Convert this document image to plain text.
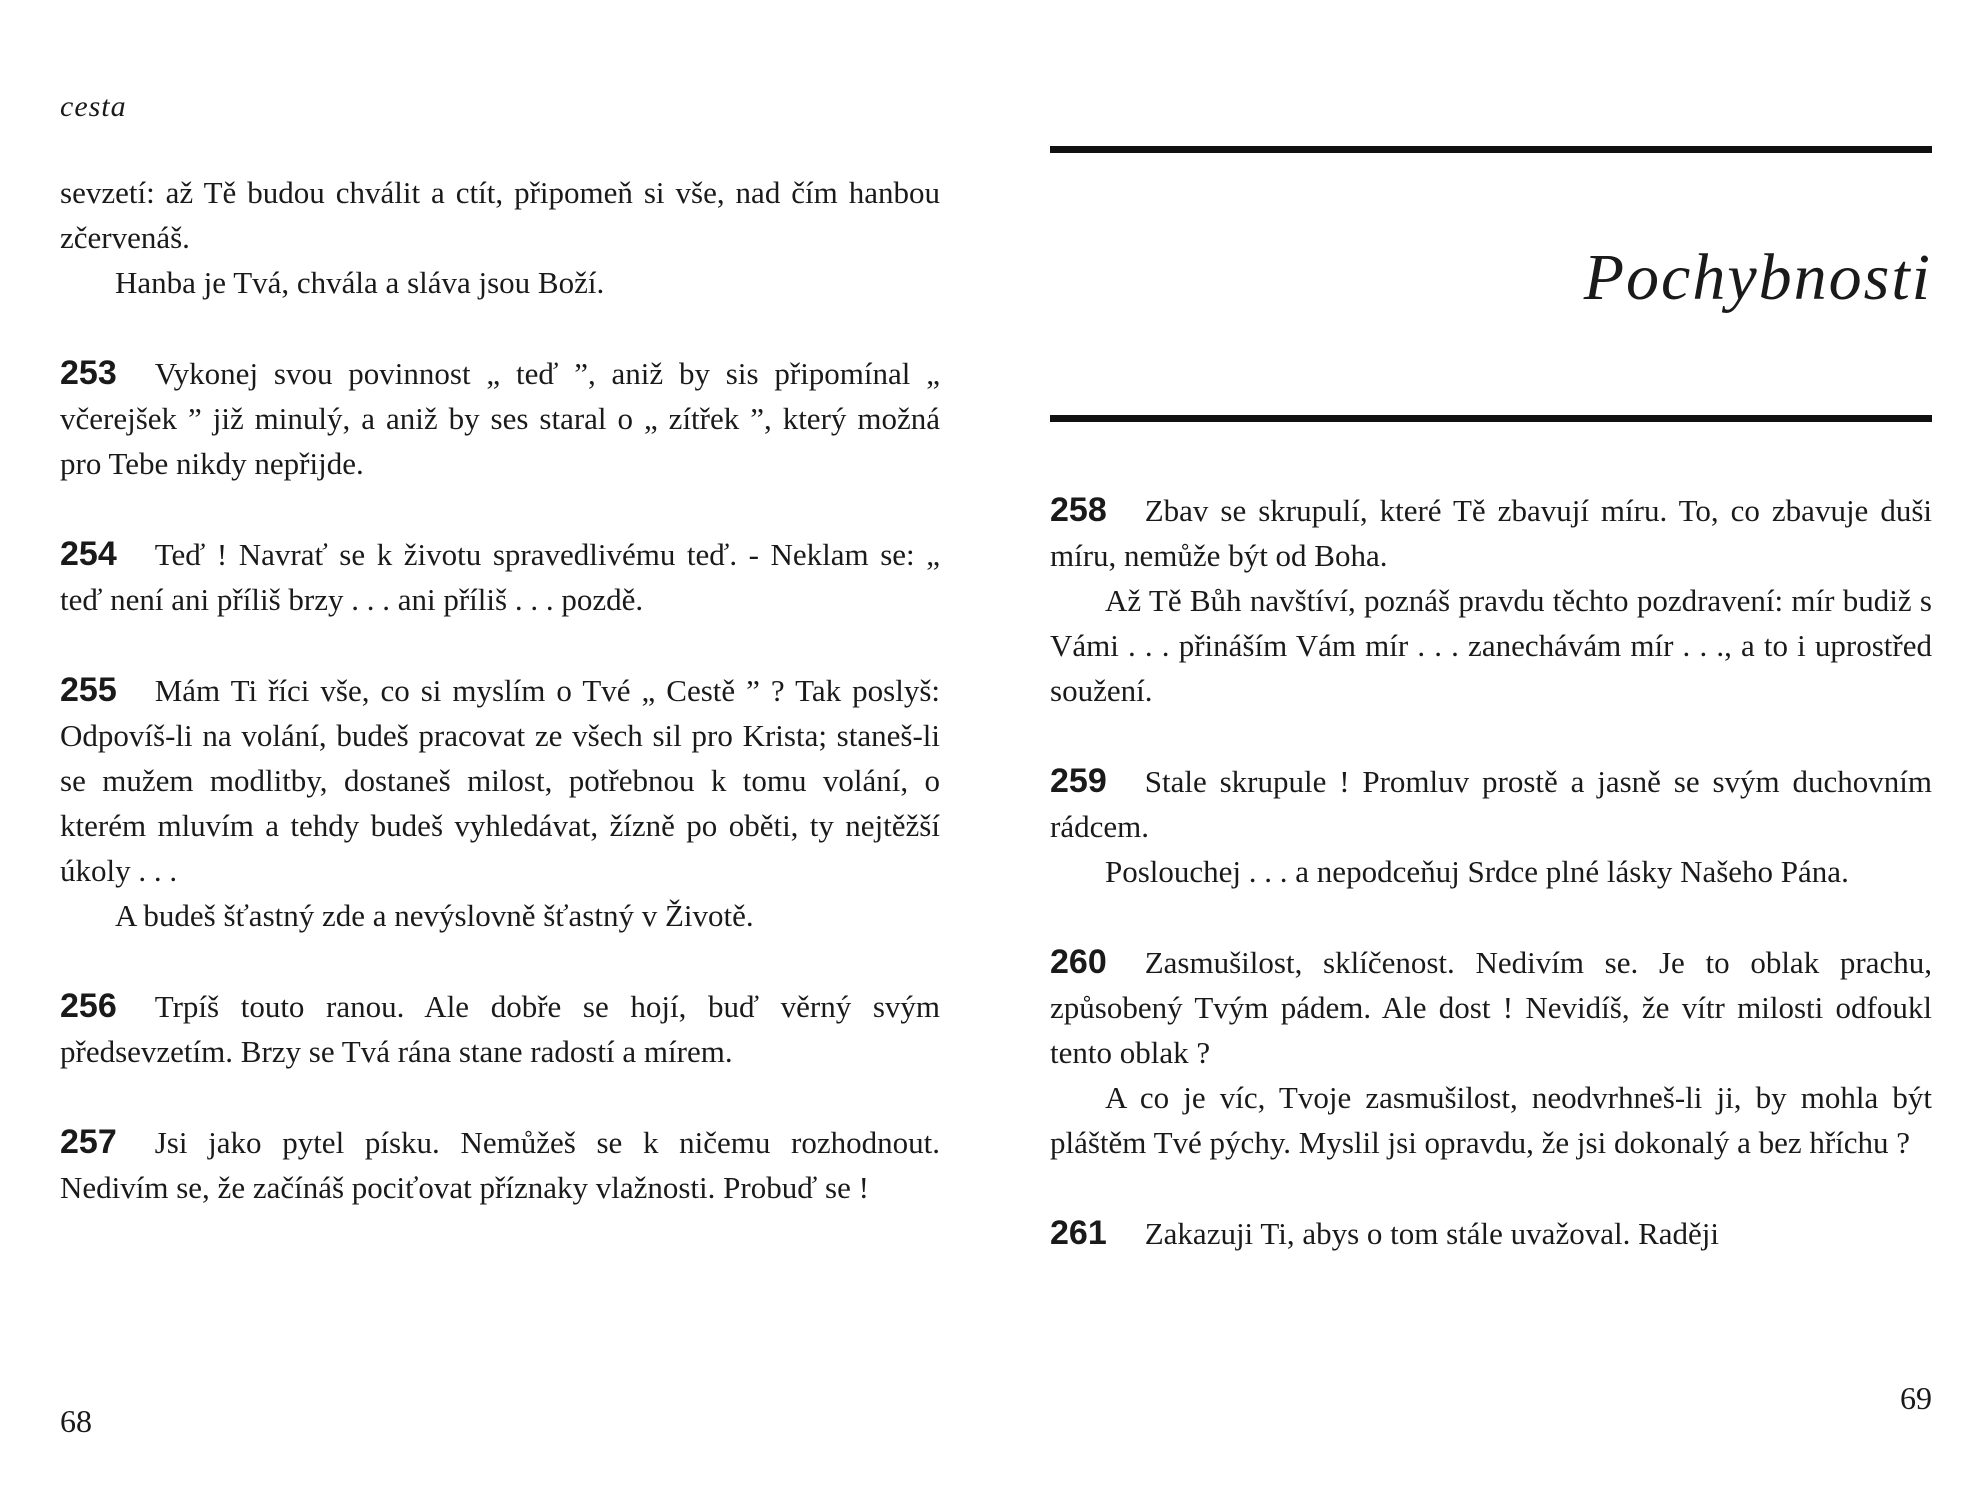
cesta

sevzetí: až Tě budou chválit a ctít, připomeň si vše, nad čím hanbou zčervenáš.

Hanba je Tvá, chvála a sláva jsou Boží.

253 Vykonej svou povinnost „ teď ”, aniž by sis připomínal „ včerejšek ” již minulý, a aniž by ses staral o „ zítřek ”, který možná pro Tebe nikdy nepřijde.

254 Teď ! Navrať se k životu spravedlivému teď. - Neklam se: „ teď není ani příliš brzy . . . ani příliš . . . pozdě.

255 Mám Ti říci vše, co si myslím o Tvé „ Cestě ” ? Tak poslyš: Odpovíš-li na volání, budeš pracovat ze všech sil pro Krista; staneš-li se mužem modlitby, dostaneš milost, potřebnou k tomu volání, o kterém mluvím a tehdy budeš vyhledávat, žízně po oběti, ty nejtěžší úkoly . . .

A budeš šťastný zde a nevýslovně šťastný v Životě.

256 Trpíš touto ranou. Ale dobře se hojí, buď věrný svým předsevzetím. Brzy se Tvá rána stane radostí a mírem.

257 Jsi jako pytel písku. Nemůžeš se k ničemu rozhodnout. Nedivím se, že začínáš pociťovat příznaky vlažnosti. Probuď se !

68
Pochybnosti

258 Zbav se skrupulí, které Tě zbavují míru. To, co zbavuje duši míru, nemůže být od Boha.

Až Tě Bůh navštíví, poznáš pravdu těchto pozdravení: mír budiž s Vámi . . . přináším Vám mír . . . zanechávám mír . . ., a to i uprostřed soužení.

259 Stale skrupule ! Promluv prostě a jasně se svým duchovním rádcem.

Poslouchej . . . a nepodceňuj Srdce plné lásky Našeho Pána.

260 Zasmušilost, sklíčenost. Nedivím se. Je to oblak prachu, způsobený Tvým pádem. Ale dost ! Nevidíš, že vítr milosti odfoukl tento oblak ?

A co je víc, Tvoje zasmušilost, neodvrhneš-li ji, by mohla být pláštěm Tvé pýchy. Myslil jsi opravdu, že jsi dokonalý a bez hříchu ?

261 Zakazuji Ti, abys o tom stále uvažoval. Raději

69
